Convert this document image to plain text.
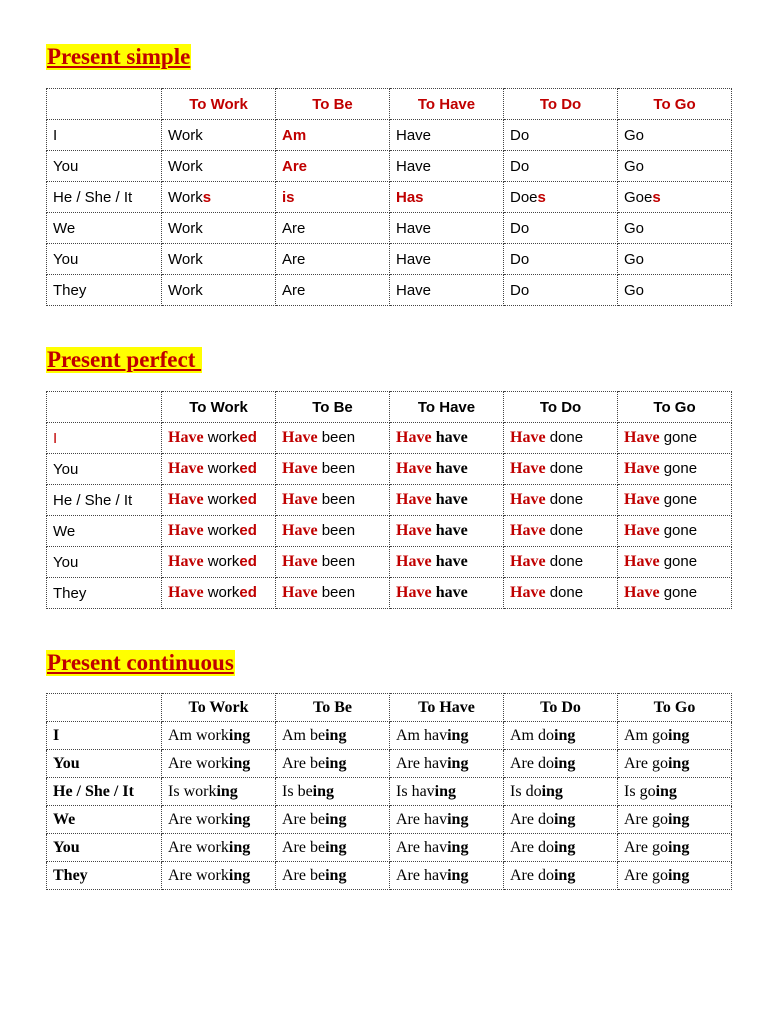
Present simple
	To Work	To Be	To Have	To Do	To Go
I	Work	Am	Have	Do	Go
You	Work	Are	Have	Do	Go
He / She / It	Works	is	Has	Does	Goes
We	Work	Are	Have	Do	Go
You	Work	Are	Have	Do	Go
They	Work	Are	Have	Do	Go
Present perfect
	To Work	To Be	To Have	To Do	To Go
I	Have worked	Have been	Have have	Have done	Have gone
You	Have worked	Have been	Have have	Have done	Have gone
He / She / It	Have worked	Have been	Have have	Have done	Have gone
We	Have worked	Have been	Have have	Have done	Have gone
You	Have worked	Have been	Have have	Have done	Have gone
They	Have worked	Have been	Have have	Have done	Have gone
Present continuous
	To Work	To Be	To Have	To Do	To Go
I	Am working	Am being	Am having	Am doing	Am going
You	Are working	Are being	Are having	Are doing	Are going
He / She / It	Is working	Is being	Is having	Is doing	Is going
We	Are working	Are being	Are having	Are doing	Are going
You	Are working	Are being	Are having	Are doing	Are going
They	Are working	Are being	Are having	Are doing	Are going
